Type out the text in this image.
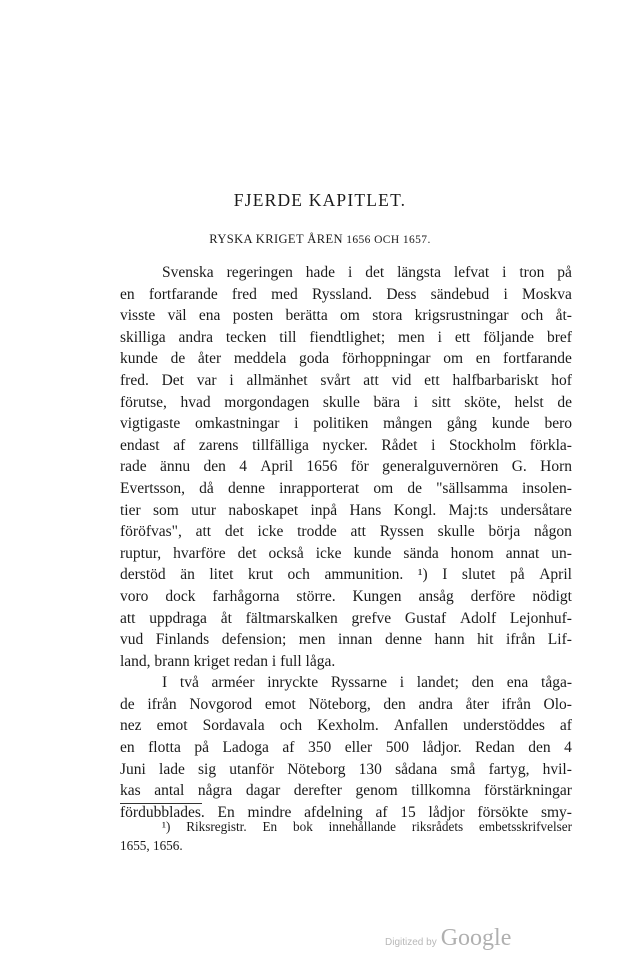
FJERDE KAPITLET.
RYSKA KRIGET ÅREN 1656 OCH 1657.
Svenska regeringen hade i det längsta lefvat i tron på
en fortfarande fred med Ryssland. Dess sändebud i Moskva
visste väl ena posten berätta om stora krigsrustningar och åt-
skilliga andra tecken till fiendtlighet; men i ett följande bref
kunde de åter meddela goda förhoppningar om en fortfarande
fred. Det var i allmänhet svårt att vid ett halfbarbariskt hof
förutse, hvad morgondagen skulle bära i sitt sköte, helst de
vigtigaste omkastningar i politiken mången gång kunde bero
endast af zarens tillfälliga nycker. Rådet i Stockholm förkla-
rade ännu den 4 April 1656 för generalguvernören G. Horn
Evertsson, då denne inrapporterat om de "sällsamma insolen-
tier som utur naboskapet inpå Hans Kongl. Maj:ts undersåtare
föröfvas", att det icke trodde att Ryssen skulle börja någon
ruptur, hvarföre det också icke kunde sända honom annat un-
derstöd än litet krut och ammunition. ¹) I slutet på April
voro dock farhågorna större. Kungen ansåg derföre nödigt
att uppdraga åt fältmarskalken grefve Gustaf Adolf Lejonhuf-
vud Finlands defension; men innan denne hann hit ifrån Lif-
land, brann kriget redan i full låga.
I två arméer inryckte Ryssarne i landet; den ena tåga-
de ifrån Novgorod emot Nöteborg, den andra åter ifrån Olo-
nez emot Sordavala och Kexholm. Anfallen understöddes af
en flotta på Ladoga af 350 eller 500 lådjor. Redan den 4
Juni lade sig utanför Nöteborg 130 sådana små fartyg, hvil-
kas antal några dagar derefter genom tillkomna förstärkningar
fördubblades. En mindre afdelning af 15 lådjor försökte smy-
¹) Riksregistr. En bok innehållande riksrådets embetsskrifvelser
1655, 1656.
Digitized by Google
